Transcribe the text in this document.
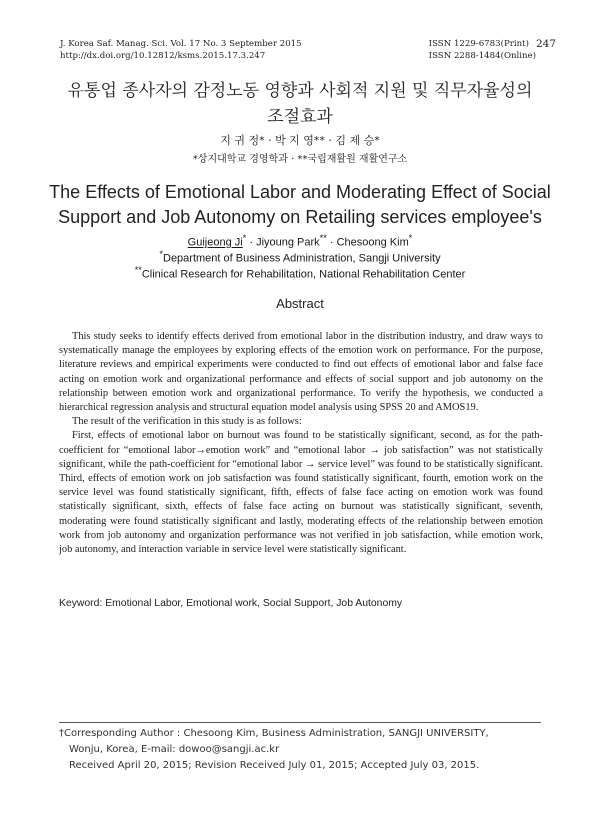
J. Korea Saf. Manag. Sci. Vol. 17 No. 3 September 2015
http://dx.doi.org/10.12812/ksms.2015.17.3.247
ISSN 1229-6783(Print)
ISSN 2288-1484(Online)
247
유통업 종사자의 감정노동 영향과 사회적 지원 및 직무자율성의
조절효과
지 귀 정* · 박 지 영** · 김 제 승*
*상지대학교 경영학과 · **국립재활원 재활연구소
The Effects of Emotional Labor and Moderating Effect of Social
Support and Job Autonomy on Retailing services employee's
Guijeong Ji* · Jiyoung Park** · Chesoong Kim*
*Department of Business Administration, Sangji University
**Clinical Research for Rehabilitation, National Rehabilitation Center
Abstract

This study seeks to identify effects derived from emotional labor in the distribution industry, and draw ways to systematically manage the employees by exploring effects of the emotion work on performance. For the purpose, literature reviews and empirical experiments were conducted to find out effects of emotional labor and false face acting on emotion work and organizational performance and effects of social support and job autonomy on the relationship between emotion work and organizational performance. To verify the hypothesis, we conducted a hierarchical regression analysis and structural equation model analysis using SPSS 20 and AMOS19.

The result of the verification in this study is as follows:

First, effects of emotional labor on burnout was found to be statistically significant, second, as for the path-coefficient for “emotional labor→emotion work” and “emotional labor → job satisfaction” was not statistically significant, while the path-coefficient for “emotional labor → service level” was found to be statistically significant. Third, effects of emotion work on job satisfaction was found statistically significant, fourth, emotion work on the service level was found statistically significant, fifth, effects of false face acting on emotion work was found statistically significant, sixth, effects of false face acting on burnout was statistically significant, seventh, moderating were found statistically significant and lastly, moderating effects of the relationship between emotion work from job autonomy and organization performance was not verified in job satisfaction, while emotion work, job autonomy, and interaction variable in service level were statistically significant.

Keyword: Emotional Labor, Emotional work, Social Support, Job Autonomy
†Corresponding Author : Chesoong Kim, Business Administration, SANGJI UNIVERSITY,
Wonju, Korea, E-mail: dowoo@sangji.ac.kr
Received April 20, 2015; Revision Received July 01, 2015; Accepted July 03, 2015.
